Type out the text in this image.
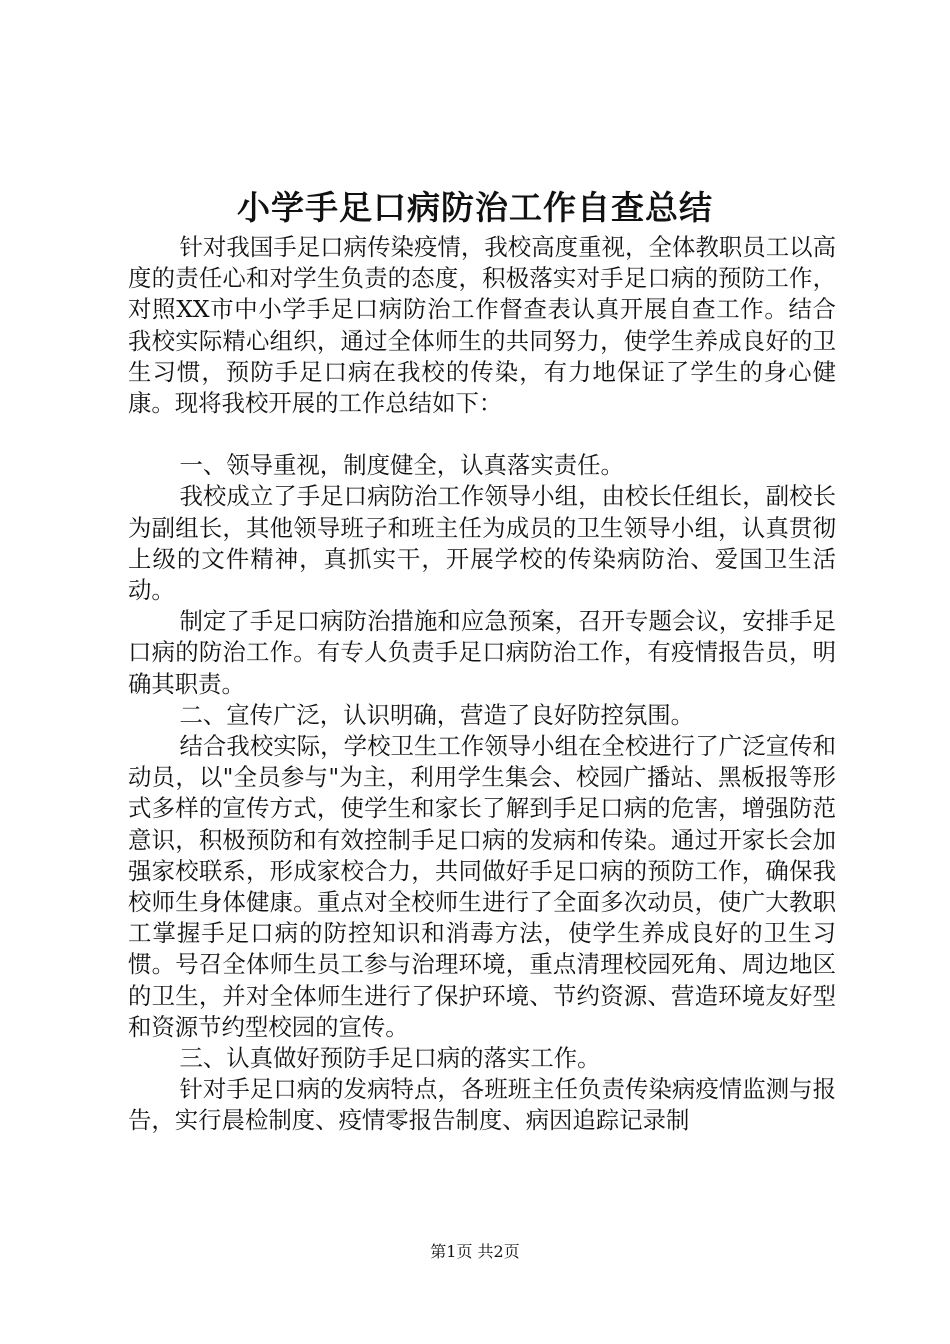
小学手足口病防治工作自查总结

针对我国手足口病传染疫情，我校高度重视，全体教职员工以高度的责任心和对学生负责的态度，积极落实对手足口病的预防工作，对照XX市中小学手足口病防治工作督查表认真开展自查工作。结合我校实际精心组织，通过全体师生的共同努力，使学生养成良好的卫生习惯，预防手足口病在我校的传染，有力地保证了学生的身心健康。现将我校开展的工作总结如下：

一、领导重视，制度健全，认真落实责任。

我校成立了手足口病防治工作领导小组，由校长任组长，副校长为副组长，其他领导班子和班主任为成员的卫生领导小组，认真贯彻上级的文件精神，真抓实干，开展学校的传染病防治、爱国卫生活动。

制定了手足口病防治措施和应急预案，召开专题会议，安排手足口病的防治工作。有专人负责手足口病防治工作，有疫情报告员，明确其职责。

二、宣传广泛，认识明确，营造了良好防控氛围。

结合我校实际，学校卫生工作领导小组在全校进行了广泛宣传和动员，以"全员参与"为主，利用学生集会、校园广播站、黑板报等形式多样的宣传方式，使学生和家长了解到手足口病的危害，增强防范意识，积极预防和有效控制手足口病的发病和传染。通过开家长会加强家校联系，形成家校合力，共同做好手足口病的预防工作，确保我校师生身体健康。重点对全校师生进行了全面多次动员，使广大教职工掌握手足口病的防控知识和消毒方法，使学生养成良好的卫生习惯。号召全体师生员工参与治理环境，重点清理校园死角、周边地区的卫生，并对全体师生进行了保护环境、节约资源、营造环境友好型和资源节约型校园的宣传。

三、认真做好预防手足口病的落实工作。

针对手足口病的发病特点，各班班主任负责传染病疫情监测与报告，实行晨检制度、疫情零报告制度、病因追踪记录制

第1页 共2页
